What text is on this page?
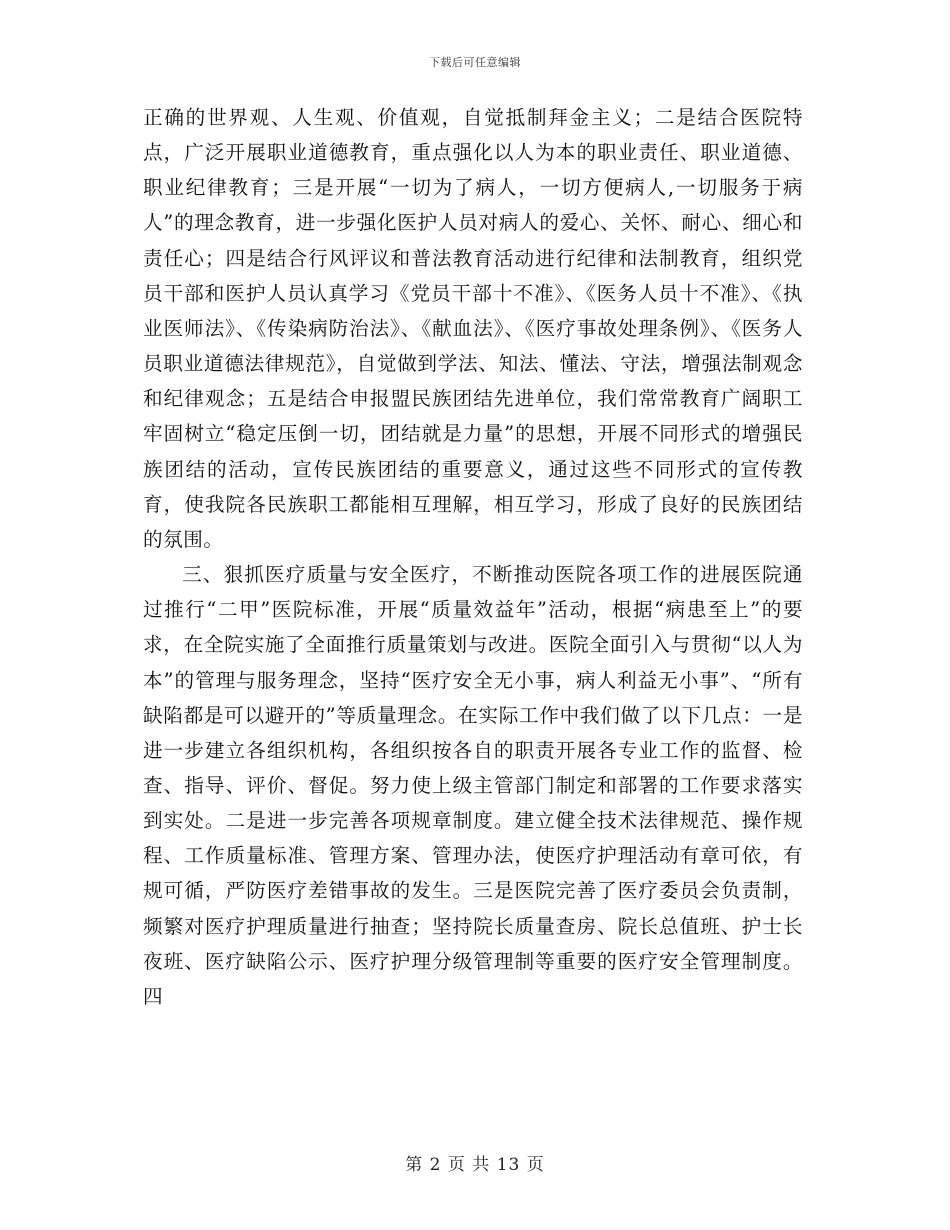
下载后可任意编辑

正确的世界观、人生观、价值观，自觉抵制拜金主义；二是结合医院特点，广泛开展职业道德教育，重点强化以人为本的职业责任、职业道德、职业纪律教育；三是开展“一切为了病人，一切方便病人,一切服务于病人”的理念教育，进一步强化医护人员对病人的爱心、关怀、耐心、细心和责任心；四是结合行风评议和普法教育活动进行纪律和法制教育，组织党员干部和医护人员认真学习《党员干部十不准》、《医务人员十不准》、《执业医师法》、《传染病防治法》、《献血法》、《医疗事故处理条例》、《医务人员职业道德法律规范》，自觉做到学法、知法、懂法、守法，增强法制观念和纪律观念；五是结合申报盟民族团结先进单位，我们常常教育广阔职工牢固树立“稳定压倒一切，团结就是力量”的思想，开展不同形式的增强民族团结的活动，宣传民族团结的重要意义，通过这些不同形式的宣传教育，使我院各民族职工都能相互理解，相互学习，形成了良好的民族团结的氛围。

三、狠抓医疗质量与安全医疗，不断推动医院各项工作的进展医院通过推行“二甲”医院标准，开展“质量效益年”活动，根据“病患至上”的要求，在全院实施了全面推行质量策划与改进。医院全面引入与贯彻“以人为本”的管理与服务理念，坚持“医疗安全无小事，病人利益无小事”、“所有缺陷都是可以避开的”等质量理念。在实际工作中我们做了以下几点：一是进一步建立各组织机构，各组织按各自的职责开展各专业工作的监督、检查、指导、评价、督促。努力使上级主管部门制定和部署的工作要求落实到实处。二是进一步完善各项规章制度。建立健全技术法律规范、操作规程、工作质量标准、管理方案、管理办法，使医疗护理活动有章可依，有规可循，严防医疗差错事故的发生。三是医院完善了医疗委员会负责制，频繁对医疗护理质量进行抽查；坚持院长质量查房、院长总值班、护士长夜班、医疗缺陷公示、医疗护理分级管理制等重要的医疗安全管理制度。四

第 2 页 共 13 页
